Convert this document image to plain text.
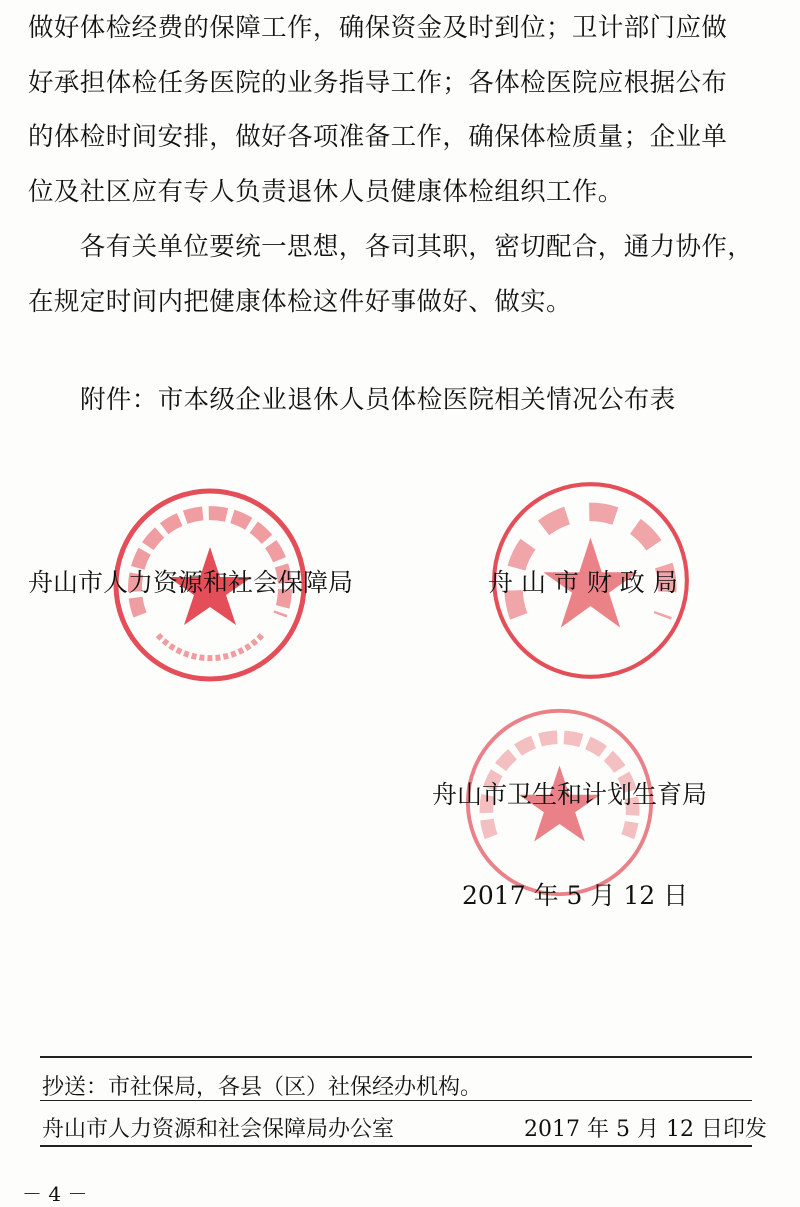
做好体检经费的保障工作，确保资金及时到位；卫计部门应做
好承担体检任务医院的业务指导工作；各体检医院应根据公布
的体检时间安排，做好各项准备工作，确保体检质量；企业单
位及社区应有专人负责退休人员健康体检组织工作。
　　各有关单位要统一思想，各司其职，密切配合，通力协作，
在规定时间内把健康体检这件好事做好、做实。
附件：市本级企业退休人员体检医院相关情况公布表
舟山市人力资源和社会保障局	舟 山 市 财 政 局
舟山市卫生和计划生育局
2017 年 5 月 12 日
抄送：市社保局，各县（区）社保经办机构。
舟山市人力资源和社会保障局办公室	2017 年 5 月 12 日印发
－ 4 －
